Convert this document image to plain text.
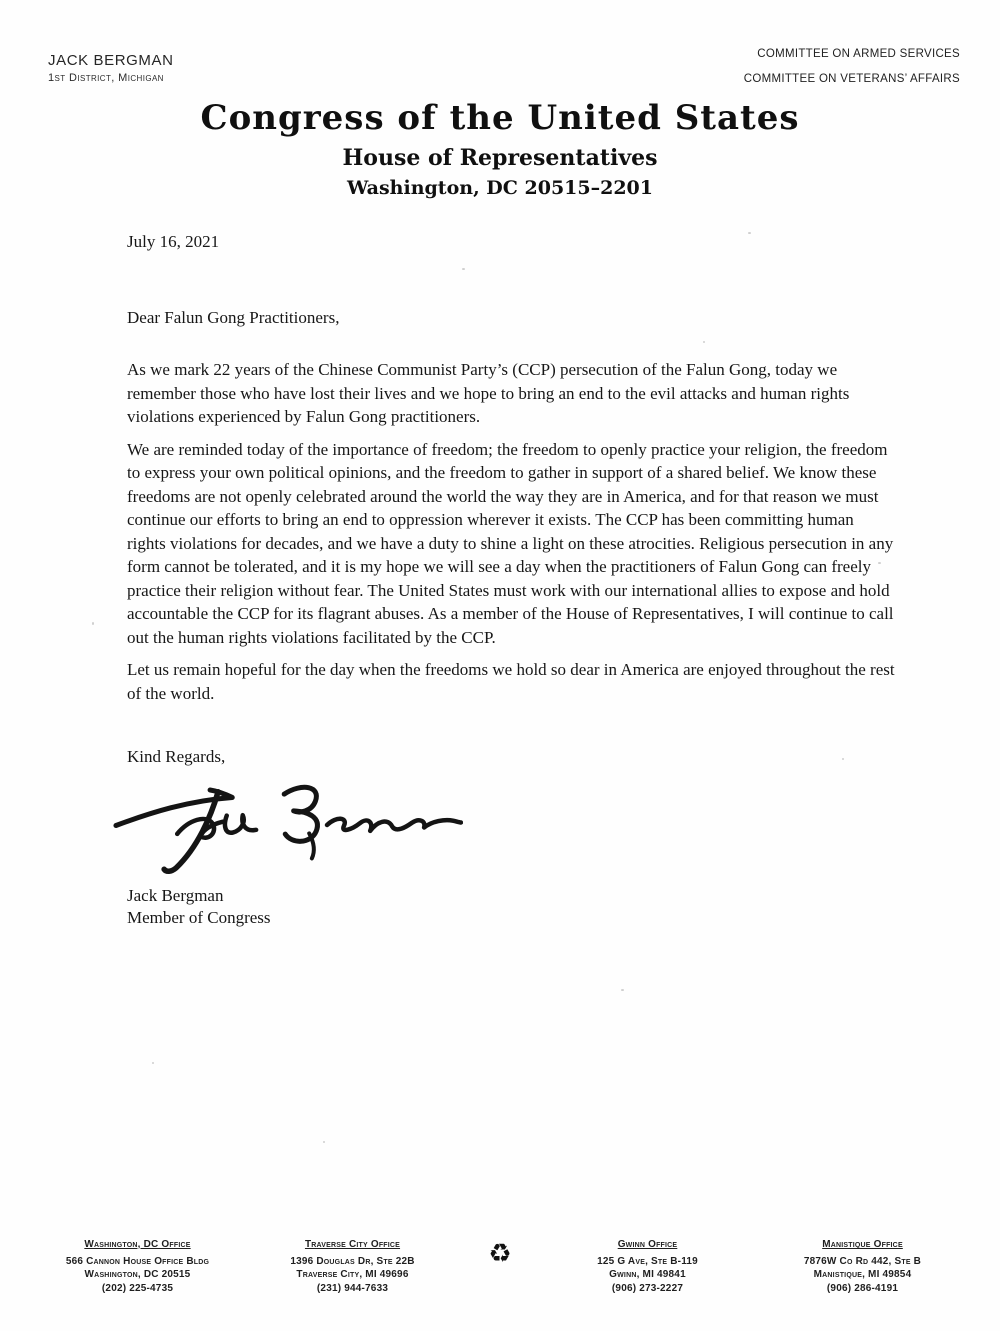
JACK BERGMAN
1st District, Michigan
COMMITTEE ON ARMED SERVICES
COMMITTEE ON VETERANS’ AFFAIRS
Congress of the United States
House of Representatives
Washington, DC 20515–2201
July 16, 2021
Dear Falun Gong Practitioners,

As we mark 22 years of the Chinese Communist Party’s (CCP) persecution of the Falun Gong, today we remember those who have lost their lives and we hope to bring an end to the evil attacks and human rights violations experienced by Falun Gong practitioners.

We are reminded today of the importance of freedom; the freedom to openly practice your religion, the freedom to express your own political opinions, and the freedom to gather in support of a shared belief. We know these freedoms are not openly celebrated around the world the way they are in America, and for that reason we must continue our efforts to bring an end to oppression wherever it exists. The CCP has been committing human rights violations for decades, and we have a duty to shine a light on these atrocities. Religious persecution in any form cannot be tolerated, and it is my hope we will see a day when the practitioners of Falun Gong can freely practice their religion without fear. The United States must work with our international allies to expose and hold accountable the CCP for its flagrant abuses. As a member of the House of Representatives, I will continue to call out the human rights violations facilitated by the CCP.

Let us remain hopeful for the day when the freedoms we hold so dear in America are enjoyed throughout the rest of the world.

Kind Regards,
Jack Bergman
Member of Congress
Washington, DC Office
566 Cannon House Office Bldg
Washington, DC 20515
(202) 225-4735
Traverse City Office
1396 Douglas Dr, Ste 22B
Traverse City, MI 49696
(231) 944-7633
♻	Gwinn Office
125 G Ave, Ste B-119
Gwinn, MI 49841
(906) 273-2227
Manistique Office
7876W Co Rd 442, Ste B
Manistique, MI 49854
(906) 286-4191
